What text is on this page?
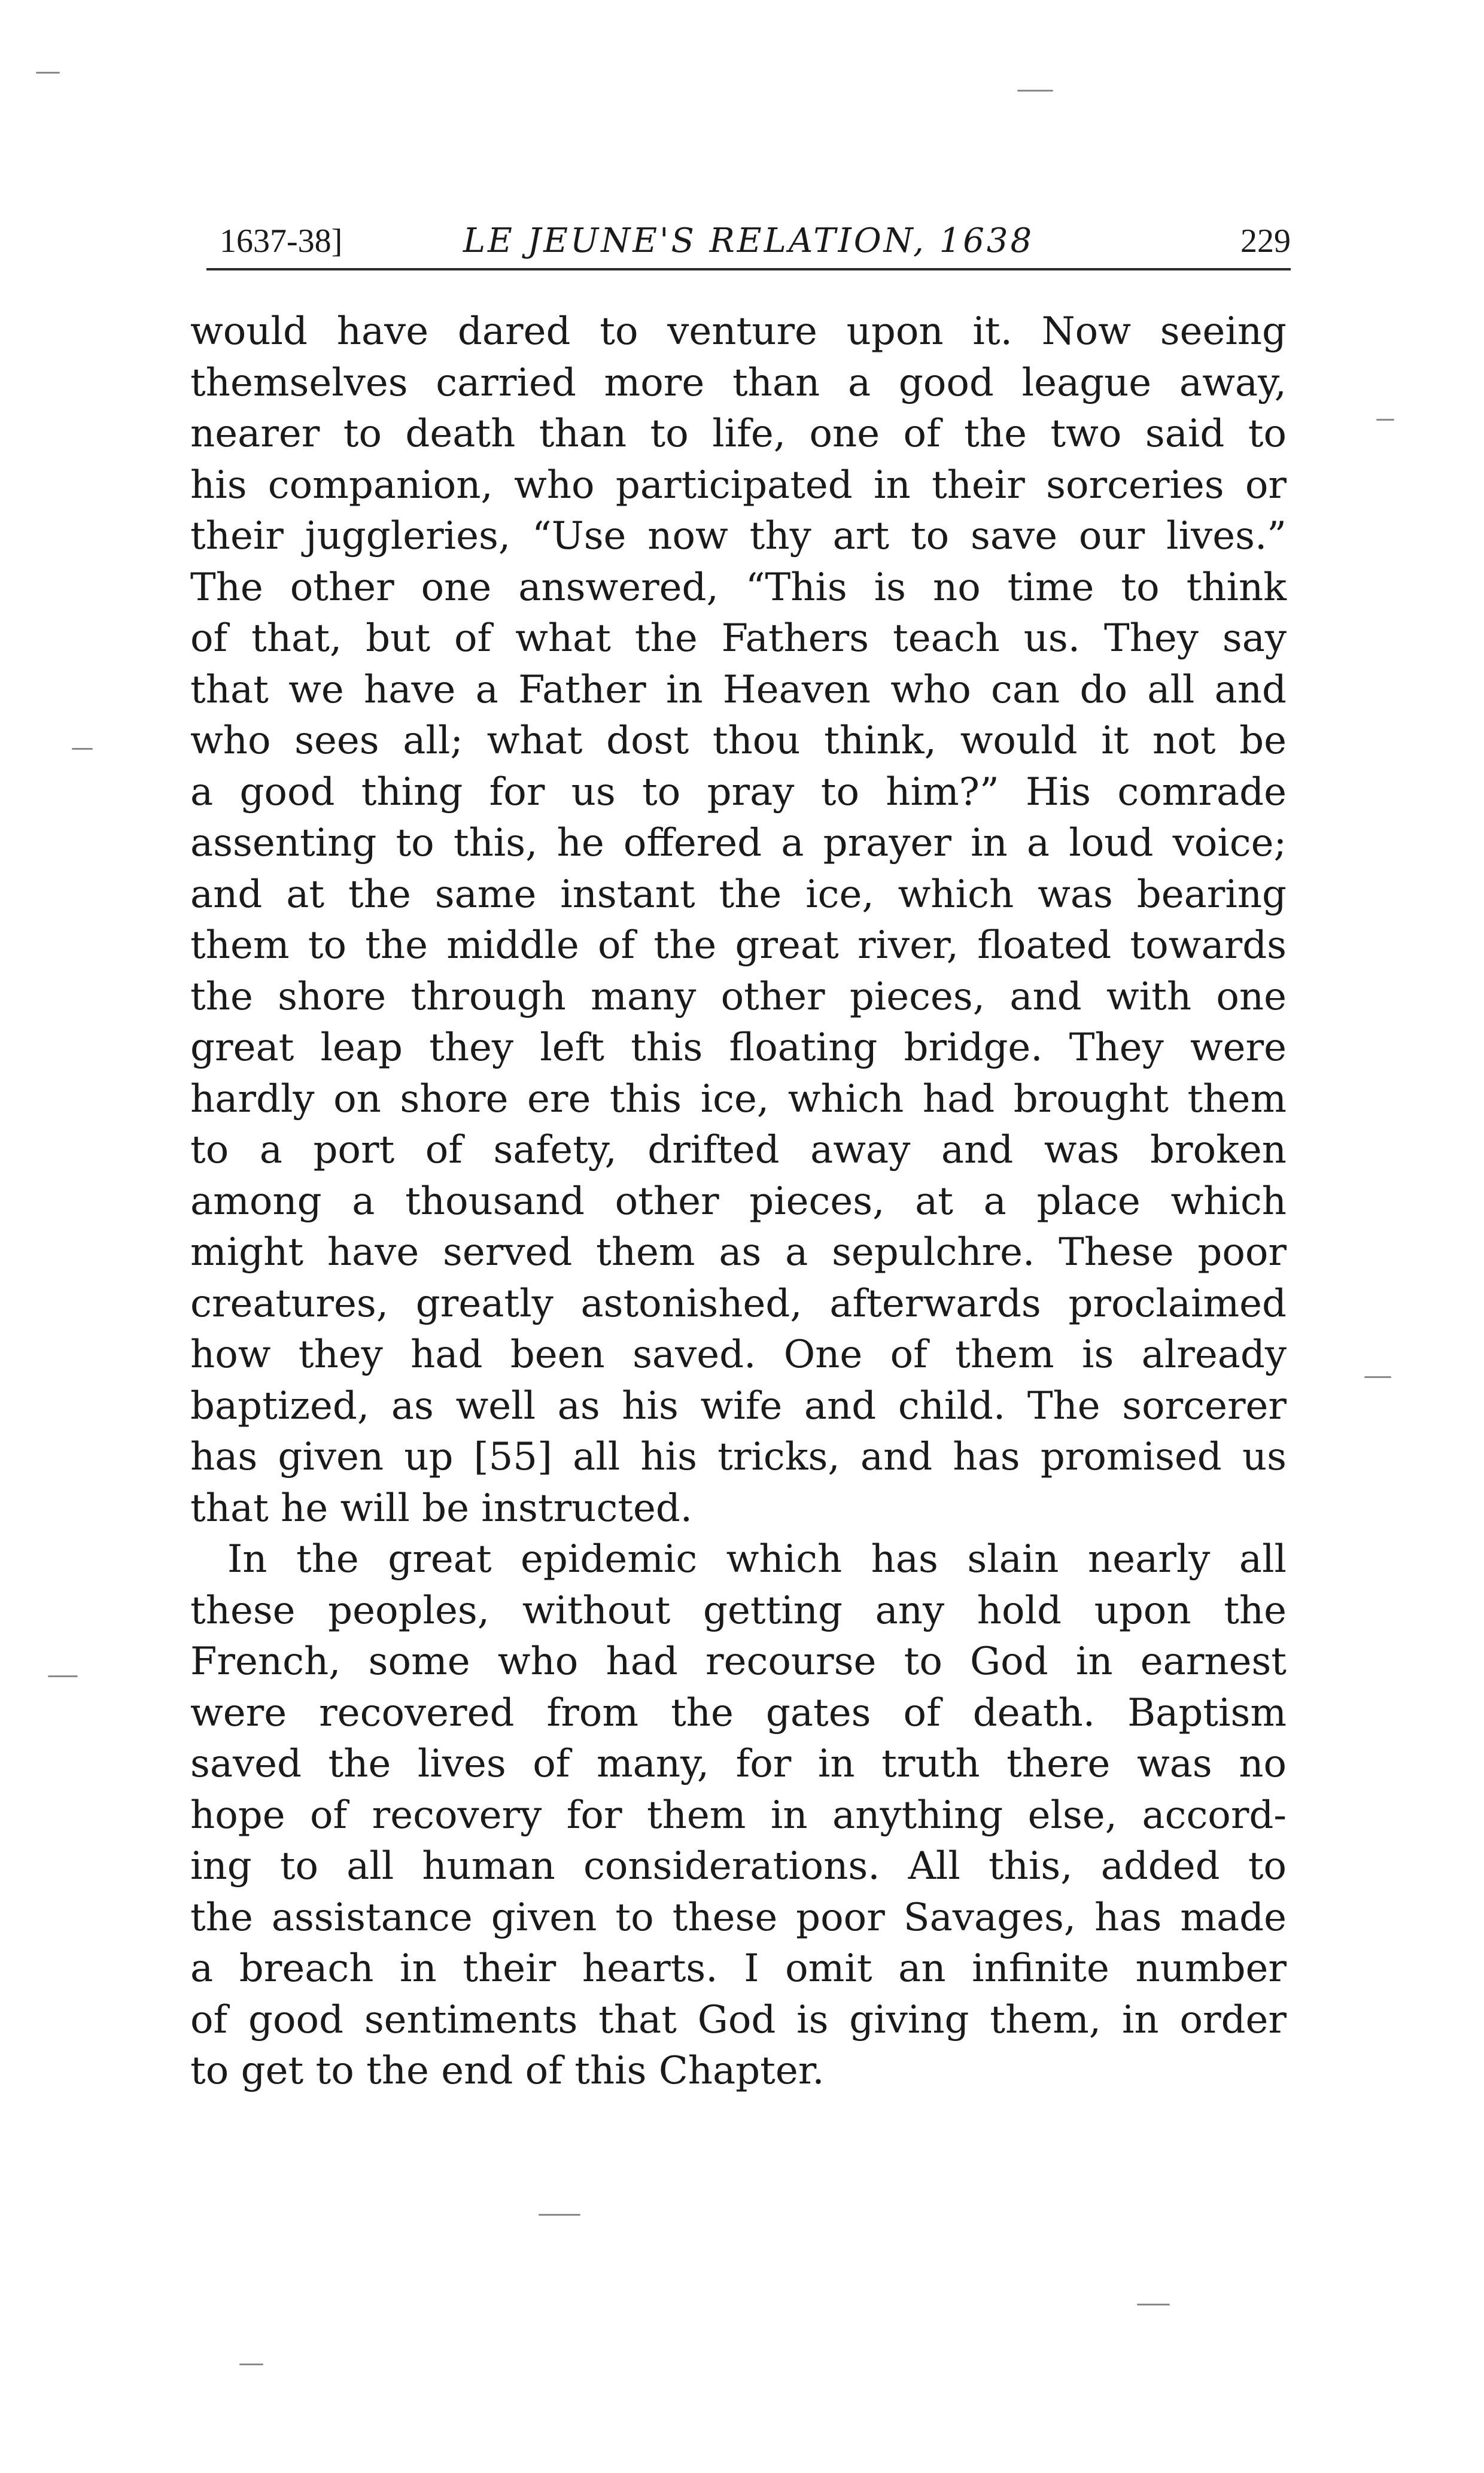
1637-38]	LE JEUNE'S RELATION, 1638	229
would have dared to venture upon it. Now seeing
themselves carried more than a good league away,
nearer to death than to life, one of the two said to
his companion, who participated in their sorceries or
their juggleries, “Use now thy art to save our lives.”
The other one answered, “This is no time to think
of that, but of what the Fathers teach us. They say
that we have a Father in Heaven who can do all and
who sees all; what dost thou think, would it not be
a good thing for us to pray to him?” His comrade
assenting to this, he offered a prayer in a loud voice;
and at the same instant the ice, which was bearing
them to the middle of the great river, floated towards
the shore through many other pieces, and with one
great leap they left this floating bridge. They were
hardly on shore ere this ice, which had brought them
to a port of safety, drifted away and was broken
among a thousand other pieces, at a place which
might have served them as a sepulchre. These poor
creatures, greatly astonished, afterwards proclaimed
how they had been saved. One of them is already
baptized, as well as his wife and child. The sorcerer
has given up [55] all his tricks, and has promised us
that he will be instructed.
In the great epidemic which has slain nearly all
these peoples, without getting any hold upon the
French, some who had recourse to God in earnest
were recovered from the gates of death. Baptism
saved the lives of many, for in truth there was no
hope of recovery for them in anything else, accord-
ing to all human considerations. All this, added to
the assistance given to these poor Savages, has made
a breach in their hearts. I omit an infinite number
of good sentiments that God is giving them, in order
to get to the end of this Chapter.
